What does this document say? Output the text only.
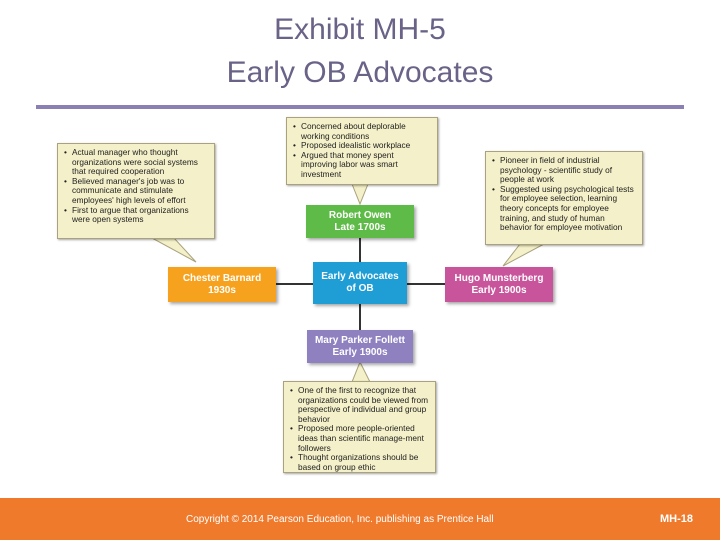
Exhibit MH-5
Early OB Advocates
• Concerned about deplorable working conditions
• Proposed idealistic workplace
• Argued that money spent improving labor was smart investment
• Actual manager who thought organizations were social systems that required cooperation
• Believed manager's job was to communicate and stimulate employees' high levels of effort
• First to argue that organizations were open systems
• Pioneer in field of industrial psychology - scientific study of people at work
• Suggested using psychological tests for employee selection, learning theory concepts for employee training, and study of human behavior for employee motivation
• One of the first to recognize that organizations could be viewed from perspective of individual and group behavior
• Proposed more people-oriented ideas than scientific manage-ment followers
• Thought organizations should be based on group ethic
Robert Owen
Late 1700s
Early Advocates
of OB
Chester Barnard
1930s
Hugo Munsterberg
Early 1900s
Mary Parker Follett
Early 1900s
Copyright © 2014 Pearson Education, Inc. publishing as Prentice Hall	MH-18
